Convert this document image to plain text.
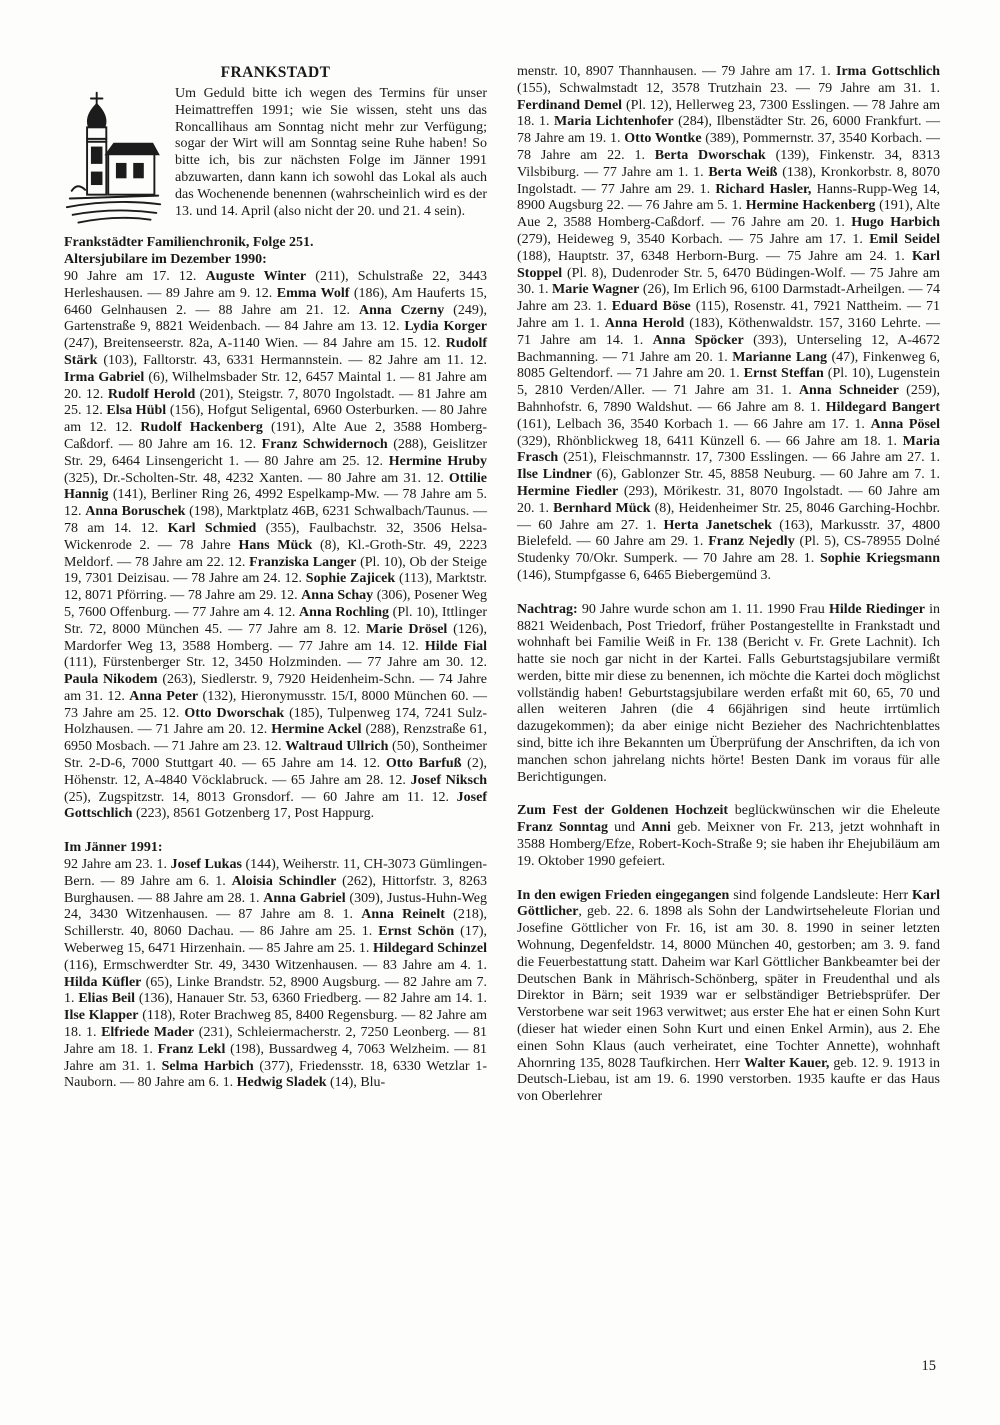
FRANKSTADT

Um Geduld bitte ich wegen des Termins für unser Heimattreffen 1991; wie Sie wissen, steht uns das Roncallihaus am Sonntag nicht mehr zur Verfügung; sogar der Wirt will am Sonntag seine Ruhe haben! So bitte ich, bis zur nächsten Folge im Jänner 1991 abzuwarten, dann kann ich sowohl das Lokal als auch das Wochenende benennen (wahrscheinlich wird es der 13. und 14. April (also nicht der 20. und 21. 4 sein).

Frankstädter Familienchronik, Folge 251.

Altersjubilare im Dezember 1990:

90 Jahre am 17. 12. Auguste Winter (211), Schulstraße 22, 3443 Herleshausen. — 89 Jahre am 9. 12. Emma Wolf (186), Am Hauferts 15, 6460 Gelnhausen 2. — 88 Jahre am 21. 12. Anna Czerny (249), Gartenstraße 9, 8821 Weidenbach. — 84 Jahre am 13. 12. Lydia Korger (247), Breitenseerstr. 82a, A-1140 Wien. — 84 Jahre am 15. 12. Rudolf Stärk (103), Falltorstr. 43, 6331 Hermannstein. — 82 Jahre am 11. 12. Irma Gabriel (6), Wilhelmsbader Str. 12, 6457 Maintal 1. — 81 Jahre am 20. 12. Rudolf Herold (201), Steigstr. 7, 8070 Ingolstadt. — 81 Jahre am 25. 12. Elsa Hübl (156), Hofgut Seligental, 6960 Osterburken. — 80 Jahre am 12. 12. Rudolf Hackenberg (191), Alte Aue 2, 3588 Homberg-Caßdorf. — 80 Jahre am 16. 12. Franz Schwidernoch (288), Geislitzer Str. 29, 6464 Linsengericht 1. — 80 Jahre am 25. 12. Hermine Hruby (325), Dr.-Scholten-Str. 48, 4232 Xanten. — 80 Jahre am 31. 12. Ottilie Hannig (141), Berliner Ring 26, 4992 Espelkamp-Mw. — 78 Jahre am 5. 12. Anna Boruschek (198), Marktplatz 46B, 6231 Schwalbach/Taunus. — 78 am 14. 12. Karl Schmied (355), Faulbachstr. 32, 3506 Helsa-Wickenrode 2. — 78 Jahre Hans Mück (8), Kl.-Groth-Str. 49, 2223 Meldorf. — 78 Jahre am 22. 12. Franziska Langer (Pl. 10), Ob der Steige 19, 7301 Deizisau. — 78 Jahre am 24. 12. Sophie Zajicek (113), Marktstr. 12, 8071 Pförring. — 78 Jahre am 29. 12. Anna Schay (306), Posener Weg 5, 7600 Offenburg. — 77 Jahre am 4. 12. Anna Rochling (Pl. 10), Ittlinger Str. 72, 8000 München 45. — 77 Jahre am 8. 12. Marie Drösel (126), Mardorfer Weg 13, 3588 Homberg. — 77 Jahre am 14. 12. Hilde Fial (111), Fürstenberger Str. 12, 3450 Holzminden. — 77 Jahre am 30. 12. Paula Nikodem (263), Siedlerstr. 9, 7920 Heidenheim-Schn. — 74 Jahre am 31. 12. Anna Peter (132), Hieronymusstr. 15/I, 8000 München 60. — 73 Jahre am 25. 12. Otto Dworschak (185), Tulpenweg 174, 7241 Sulz-Holzhausen. — 71 Jahre am 20. 12. Hermine Ackel (288), Renzstraße 61, 6950 Mosbach. — 71 Jahre am 23. 12. Waltraud Ullrich (50), Sontheimer Str. 2-D-6, 7000 Stuttgart 40. — 65 Jahre am 14. 12. Otto Barfuß (2), Höhenstr. 12, A-4840 Vöcklabruck. — 65 Jahre am 28. 12. Josef Niksch (25), Zugspitzstr. 14, 8013 Gronsdorf. — 60 Jahre am 11. 12. Josef Gottschlich (223), 8561 Gotzenberg 17, Post Happurg.

Im Jänner 1991:

92 Jahre am 23. 1. Josef Lukas (144), Weiherstr. 11, CH-3073 Gümlingen-Bern. — 89 Jahre am 6. 1. Aloisia Schindler (262), Hittorfstr. 3, 8263 Burghausen. — 88 Jahre am 28. 1. Anna Gabriel (309), Justus-Huhn-Weg 24, 3430 Witzenhausen. — 87 Jahre am 8. 1. Anna Reinelt (218), Schillerstr. 40, 8060 Dachau. — 86 Jahre am 25. 1. Ernst Schön (17), Weberweg 15, 6471 Hirzenhain. — 85 Jahre am 25. 1. Hildegard Schinzel (116), Ermschwerdter Str. 49, 3430 Witzenhausen. — 83 Jahre am 4. 1. Hilda Küfler (65), Linke Brandstr. 52, 8900 Augsburg. — 82 Jahre am 7. 1. Elias Beil (136), Hanauer Str. 53, 6360 Friedberg. — 82 Jahre am 14. 1. Ilse Klapper (118), Roter Brachweg 85, 8400 Regensburg. — 82 Jahre am 18. 1. Elfriede Mader (231), Schleiermacherstr. 2, 7250 Leonberg. — 81 Jahre am 18. 1. Franz Lekl (198), Bussardweg 4, 7063 Welzheim. — 81 Jahre am 31. 1. Selma Harbich (377), Friedensstr. 18, 6330 Wetzlar 1-Nauborn. — 80 Jahre am 6. 1. Hedwig Sladek (14), Blu-

menstr. 10, 8907 Thannhausen. — 79 Jahre am 17. 1. Irma Gottschlich (155), Schwalmstadt 12, 3578 Trutzhain 23. — 79 Jahre am 31. 1. Ferdinand Demel (Pl. 12), Hellerweg 23, 7300 Esslingen. — 78 Jahre am 18. 1. Maria Lichtenhofer (284), Ilbenstädter Str. 26, 6000 Frankfurt. — 78 Jahre am 19. 1. Otto Wontke (389), Pommernstr. 37, 3540 Korbach. — 78 Jahre am 22. 1. Berta Dworschak (139), Finkenstr. 34, 8313 Vilsbiburg. — 77 Jahre am 1. 1. Berta Weiß (138), Kronkorbstr. 8, 8070 Ingolstadt. — 77 Jahre am 29. 1. Richard Hasler, Hanns-Rupp-Weg 14, 8900 Augsburg 22. — 76 Jahre am 5. 1. Hermine Hackenberg (191), Alte Aue 2, 3588 Homberg-Caßdorf. — 76 Jahre am 20. 1. Hugo Harbich (279), Heideweg 9, 3540 Korbach. — 75 Jahre am 17. 1. Emil Seidel (188), Hauptstr. 37, 6348 Herborn-Burg. — 75 Jahre am 24. 1. Karl Stoppel (Pl. 8), Dudenroder Str. 5, 6470 Büdingen-Wolf. — 75 Jahre am 30. 1. Marie Wagner (26), Im Erlich 96, 6100 Darmstadt-Arheilgen. — 74 Jahre am 23. 1. Eduard Böse (115), Rosenstr. 41, 7921 Nattheim. — 71 Jahre am 1. 1. Anna Herold (183), Köthenwaldstr. 157, 3160 Lehrte. — 71 Jahre am 14. 1. Anna Spöcker (393), Unterseling 12, A-4672 Bachmanning. — 71 Jahre am 20. 1. Marianne Lang (47), Finkenweg 6, 8085 Geltendorf. — 71 Jahre am 20. 1. Ernst Steffan (Pl. 10), Lugenstein 5, 2810 Verden/Aller. — 71 Jahre am 31. 1. Anna Schneider (259), Bahnhofstr. 6, 7890 Waldshut. — 66 Jahre am 8. 1. Hildegard Bangert (161), Lelbach 36, 3540 Korbach 1. — 66 Jahre am 17. 1. Anna Pösel (329), Rhönblickweg 18, 6411 Künzell 6. — 66 Jahre am 18. 1. Maria Frasch (251), Fleischmannstr. 17, 7300 Esslingen. — 66 Jahre am 27. 1. Ilse Lindner (6), Gablonzer Str. 45, 8858 Neuburg. — 60 Jahre am 7. 1. Hermine Fiedler (293), Mörikestr. 31, 8070 Ingolstadt. — 60 Jahre am 20. 1. Bernhard Mück (8), Heidenheimer Str. 25, 8046 Garching-Hochbr. — 60 Jahre am 27. 1. Herta Janetschek (163), Markusstr. 37, 4800 Bielefeld. — 60 Jahre am 29. 1. Franz Nejedly (Pl. 5), CS-78955 Dolné Studenky 70/Okr. Sumperk. — 70 Jahre am 28. 1. Sophie Kriegsmann (146), Stumpfgasse 6, 6465 Biebergemünd 3.

Nachtrag: 90 Jahre wurde schon am 1. 11. 1990 Frau Hilde Riedinger in 8821 Weidenbach, Post Triedorf, früher Postangestellte in Frankstadt und wohnhaft bei Familie Weiß in Fr. 138 (Bericht v. Fr. Grete Lachnit). Ich hatte sie noch gar nicht in der Kartei. Falls Geburtstagsjubilare vermißt werden, bitte mir diese zu benennen, ich möchte die Kartei doch möglichst vollständig haben! Geburtstagsjubilare werden erfaßt mit 60, 65, 70 und allen weiteren Jahren (die 4 66jährigen sind heute irrtümlich dazugekommen); da aber einige nicht Bezieher des Nachrichtenblattes sind, bitte ich ihre Bekannten um Überprüfung der Anschriften, da ich von manchen schon jahrelang nichts hörte! Besten Dank im voraus für alle Berichtigungen.

Zum Fest der Goldenen Hochzeit beglückwünschen wir die Eheleute Franz Sonntag und Anni geb. Meixner von Fr. 213, jetzt wohnhaft in 3588 Homberg/Efze, Robert-Koch-Straße 9; sie haben ihr Ehejubiläum am 19. Oktober 1990 gefeiert.

In den ewigen Frieden eingegangen sind folgende Landsleute: Herr Karl Göttlicher, geb. 22. 6. 1898 als Sohn der Landwirtseheleute Florian und Josefine Göttlicher von Fr. 16, ist am 30. 8. 1990 in seiner letzten Wohnung, Degenfeldstr. 14, 8000 München 40, gestorben; am 3. 9. fand die Feuerbestattung statt. Daheim war Karl Göttlicher Bankbeamter bei der Deutschen Bank in Mährisch-Schönberg, später in Freudenthal und als Direktor in Bärn; seit 1939 war er selbständiger Betriebsprüfer. Der Verstorbene war seit 1963 verwitwet; aus erster Ehe hat er einen Sohn Kurt (dieser hat wieder einen Sohn Kurt und einen Enkel Armin), aus 2. Ehe einen Sohn Klaus (auch verheiratet, eine Tochter Annette), wohnhaft Ahornring 135, 8028 Taufkirchen. Herr Walter Kauer, geb. 12. 9. 1913 in Deutsch-Liebau, ist am 19. 6. 1990 verstorben. 1935 kaufte er das Haus von Oberlehrer

15
